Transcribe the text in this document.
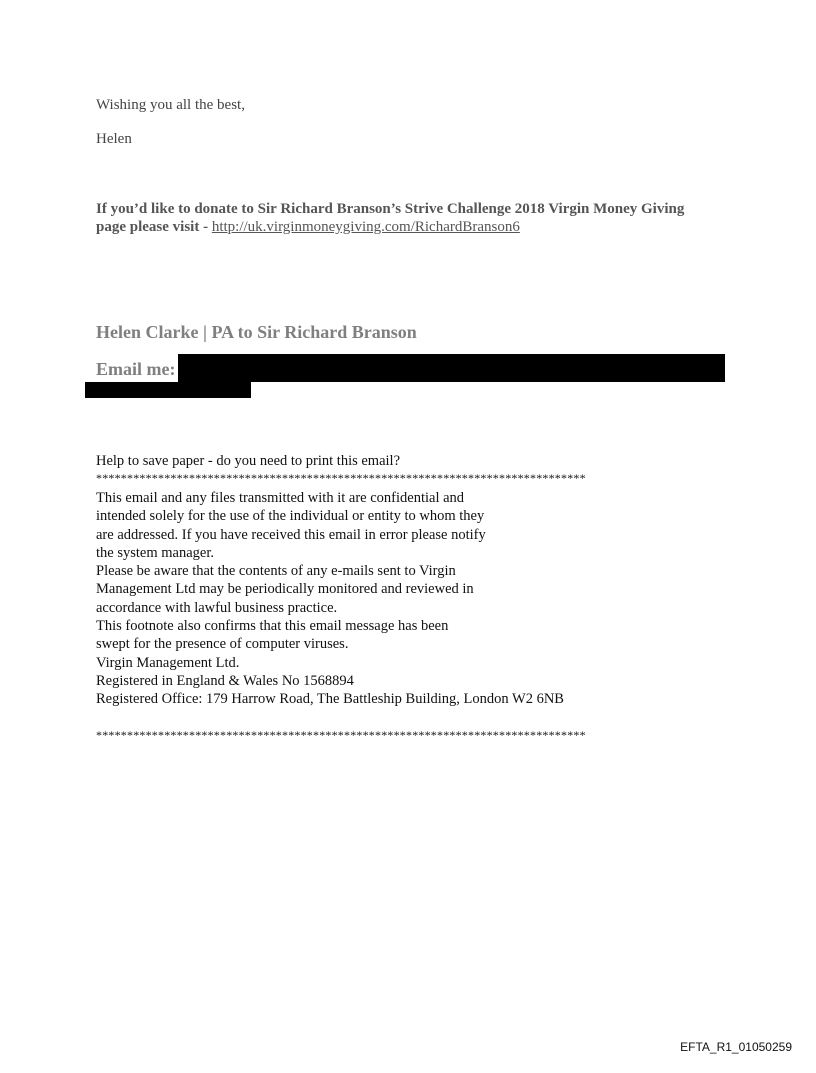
Wishing you all the best,
Helen
If you’d like to donate to Sir Richard Branson’s Strive Challenge 2018 Virgin Money Giving page please visit - http://uk.virginmoneygiving.com/RichardBranson6
Helen Clarke | PA to Sir Richard Branson
Email me:
Help to save paper - do you need to print this email?
*******************************************************************************
This email and any files transmitted with it are confidential and
intended solely for the use of the individual or entity to whom they
are addressed. If you have received this email in error please notify
the system manager.
Please be aware that the contents of any e-mails sent to Virgin
Management Ltd may be periodically monitored and reviewed in
accordance with lawful business practice.
This footnote also confirms that this email message has been
swept for the presence of computer viruses.
Virgin Management Ltd.
Registered in England & Wales No 1568894
Registered Office: 179 Harrow Road, The Battleship Building, London W2 6NB
*******************************************************************************
EFTA_R1_01050259
